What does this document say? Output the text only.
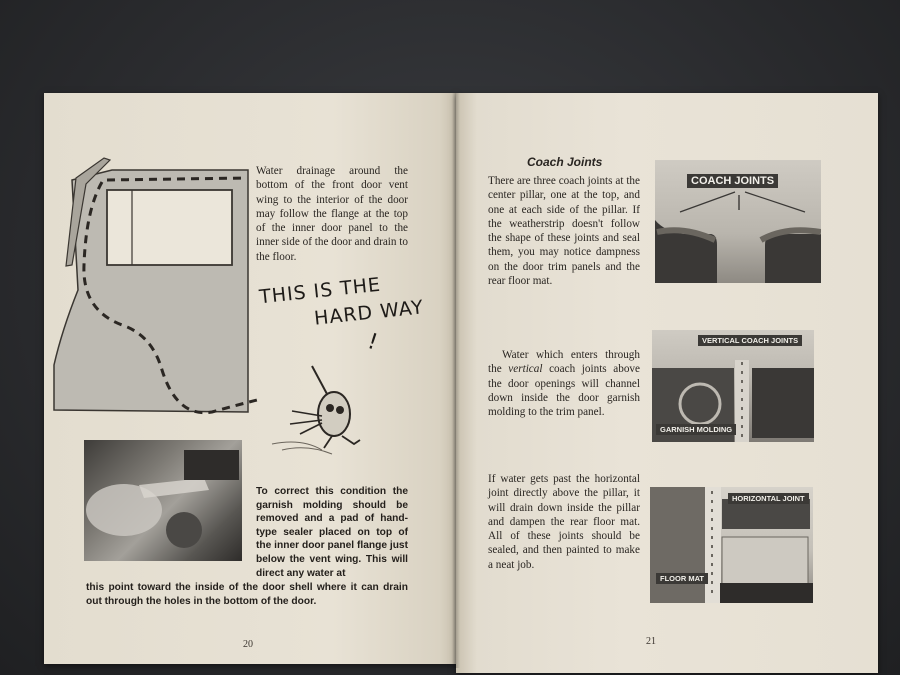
THIS IS THE
HARD WAY
!
Water drainage around the bottom of the front door vent wing to the interior of the door may follow the flange at the top of the inner door panel to the inner side of the door and drain to the floor.
To correct this condition the garnish molding should be removed and a pad of hand-type sealer placed on top of the inner door panel flange just below the vent wing. This will direct any water at
this point toward the inside of the door shell where it can drain out through the holes in the bottom of the door.
20
Coach Joints
There are three coach joints at the center pillar, one at the top, and one at each side of the pillar. If the weatherstrip doesn't follow the shape of these joints and seal them, you may notice dampness on the door trim panels and the rear floor mat.
COACH JOINTS
Water which enters through the vertical coach joints above the door openings will channel down inside the door garnish molding to the trim panel.
VERTICAL COACH JOINTS
GARNISH MOLDING
If water gets past the horizontal joint directly above the pillar, it will drain down inside the pillar and dampen the rear floor mat. All of these joints should be sealed, and then painted to make a neat job.
HORIZONTAL JOINT
FLOOR MAT
21
